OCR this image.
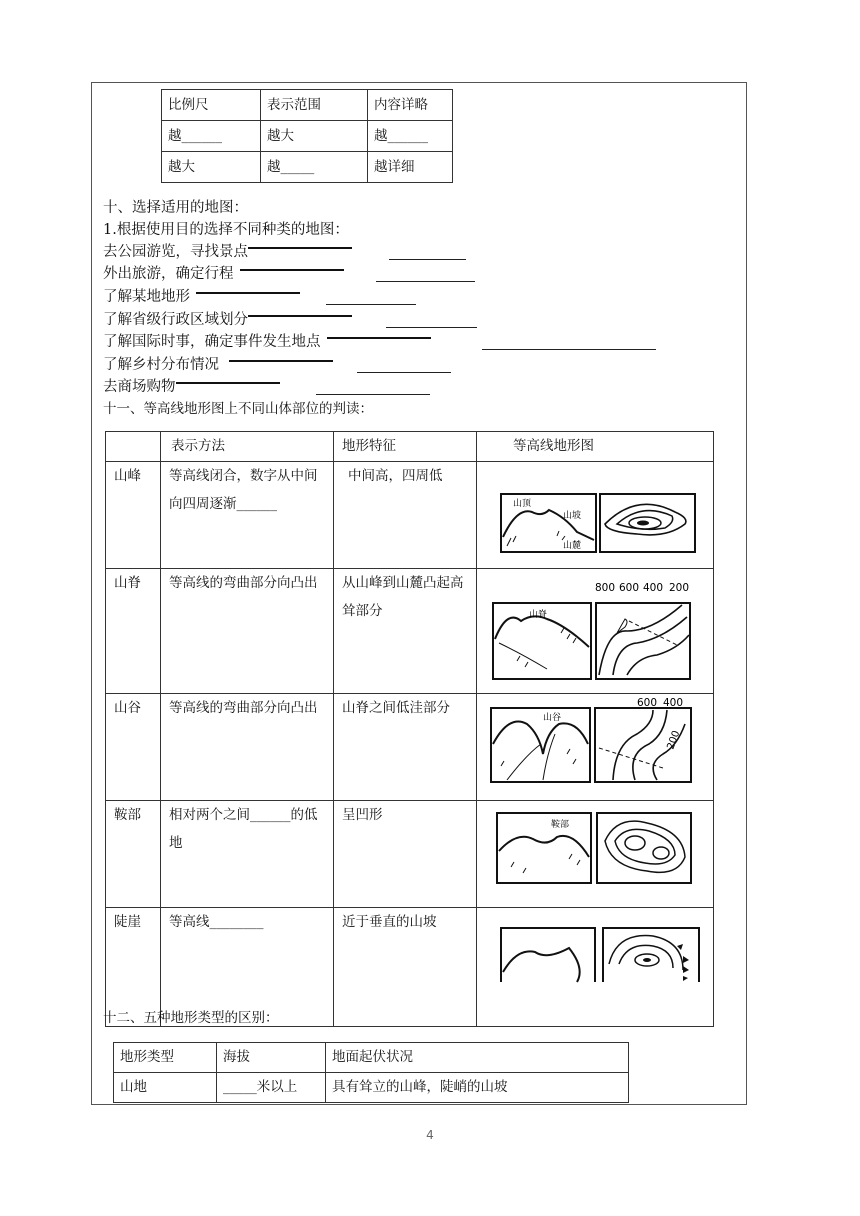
比例尺	表示范围	内容详略
越______	越大	越______
越大	越_____	越详细
十、选择适用的地图：
1.根据使用目的选择不同种类的地图：
去公园游览，寻找景点
外出旅游，确定行程
了解某地地形
了解省级行政区域划分
了解国际时事，确定事件发生地点
了解乡村分布情况
去商场购物
十一、等高线地形图上不同山体部位的判读：
	表示方法	地形特征	等高线地形图
山峰	等高线闭合，数字从中间向四周逐渐______	中间高，四周低	山顶
山坡
山麓

山脊	等高线的弯曲部分向凸出	从山峰到山麓凸起高耸部分	800 600 400 200
山脊

山谷	等高线的弯曲部分向凸出	山脊之间低洼部分	600 400
山谷
200

鞍部	相对两个之间______的低地	呈凹形	鞍部

陡崖	等高线________	近于垂直的山坡	
十二、五种地形类型的区别：
地形类型	海拔	地面起伏状况
山地	_____米以上	具有耸立的山峰，陡峭的山坡
4
